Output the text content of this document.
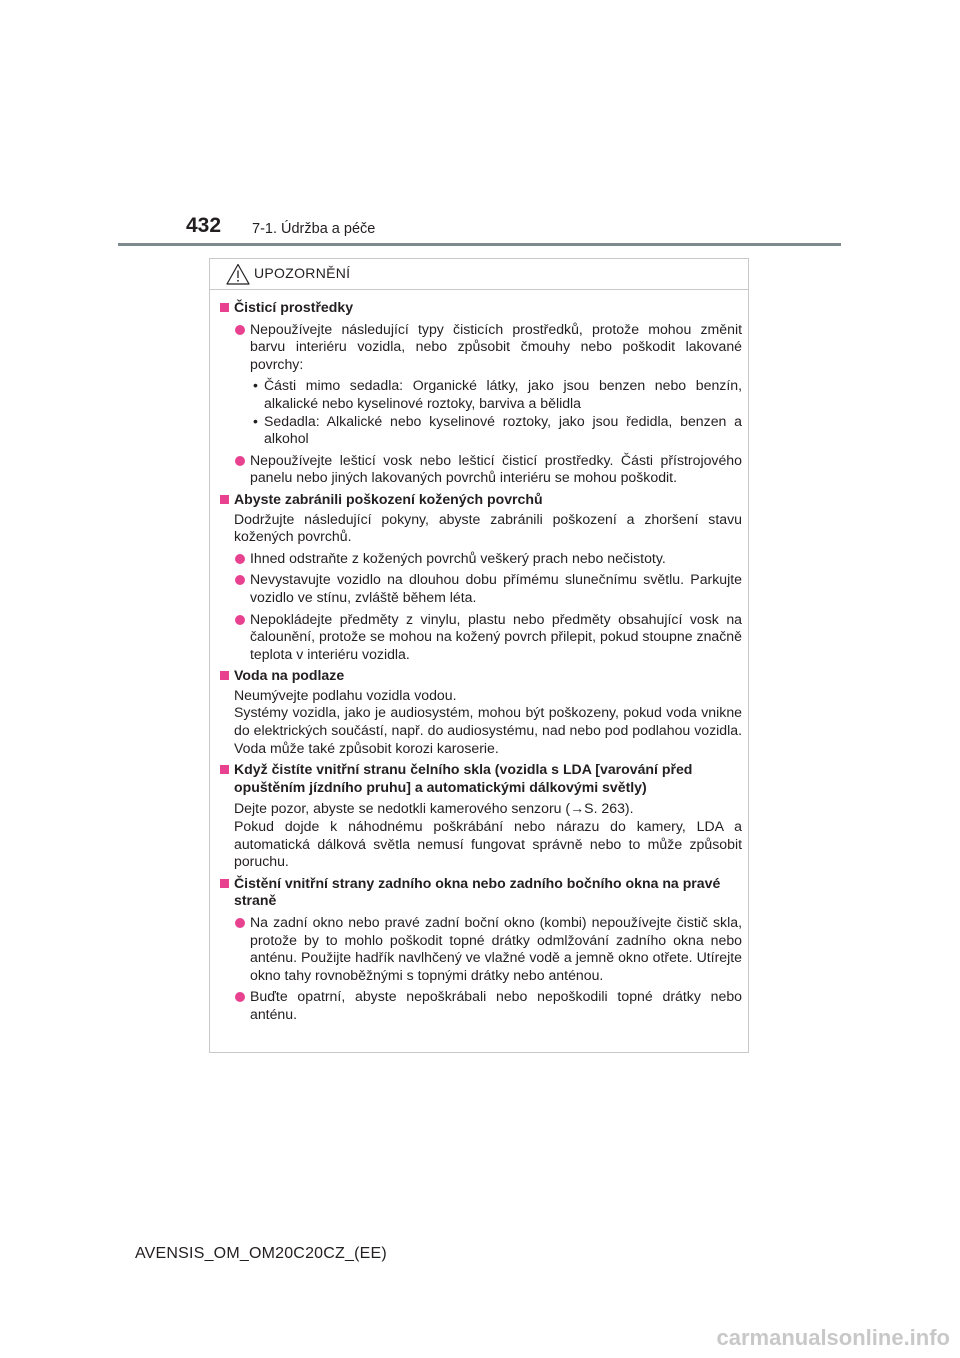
432 7-1. Údržba a péče
UPOZORNĚNÍ
Čisticí prostředky
Nepoužívejte následující typy čisticích prostředků, protože mohou změnit barvu interiéru vozidla, nebo způsobit čmouhy nebo poškodit lakované povrchy:
• Části mimo sedadla: Organické látky, jako jsou benzen nebo benzín, alkalické nebo kyselinové roztoky, barviva a bělidla
• Sedadla: Alkalické nebo kyselinové roztoky, jako jsou ředidla, benzen a alkohol
Nepoužívejte lešticí vosk nebo lešticí čisticí prostředky. Části přístrojového panelu nebo jiných lakovaných povrchů interiéru se mohou poškodit.
Abyste zabránili poškození kožených povrchů
Dodržujte následující pokyny, abyste zabránili poškození a zhoršení stavu kožených povrchů.
Ihned odstraňte z kožených povrchů veškerý prach nebo nečistoty.
Nevystavujte vozidlo na dlouhou dobu přímému slunečnímu světlu. Parkujte vozidlo ve stínu, zvláště během léta.
Nepokládejte předměty z vinylu, plastu nebo předměty obsahující vosk na čalounění, protože se mohou na kožený povrch přilepit, pokud stoupne značně teplota v interiéru vozidla.
Voda na podlaze
Neumývejte podlahu vozidla vodou.
Systémy vozidla, jako je audiosystém, mohou být poškozeny, pokud voda vnikne do elektrických součástí, např. do audiosystému, nad nebo pod podlahou vozidla. Voda může také způsobit korozi karoserie.
Když čistíte vnitřní stranu čelního skla (vozidla s LDA [varování před opuštěním jízdního pruhu] a automatickými dálkovými světly)
Dejte pozor, abyste se nedotkli kamerového senzoru (→S. 263).
Pokud dojde k náhodnému poškrábání nebo nárazu do kamery, LDA a automatická dálková světla nemusí fungovat správně nebo to může způsobit poruchu.
Čistění vnitřní strany zadního okna nebo zadního bočního okna na pravé straně
Na zadní okno nebo pravé zadní boční okno (kombi) nepoužívejte čistič skla, protože by to mohlo poškodit topné drátky odmlžování zadního okna nebo anténu. Použijte hadřík navlhčený ve vlažné vodě a jemně okno otřete. Utírejte okno tahy rovnoběžnými s topnými drátky nebo anténou.
Buďte opatrní, abyste nepoškrábali nebo nepoškodili topné drátky nebo anténu.
AVENSIS_OM_OM20C20CZ_(EE)
carmanualsonline.info
